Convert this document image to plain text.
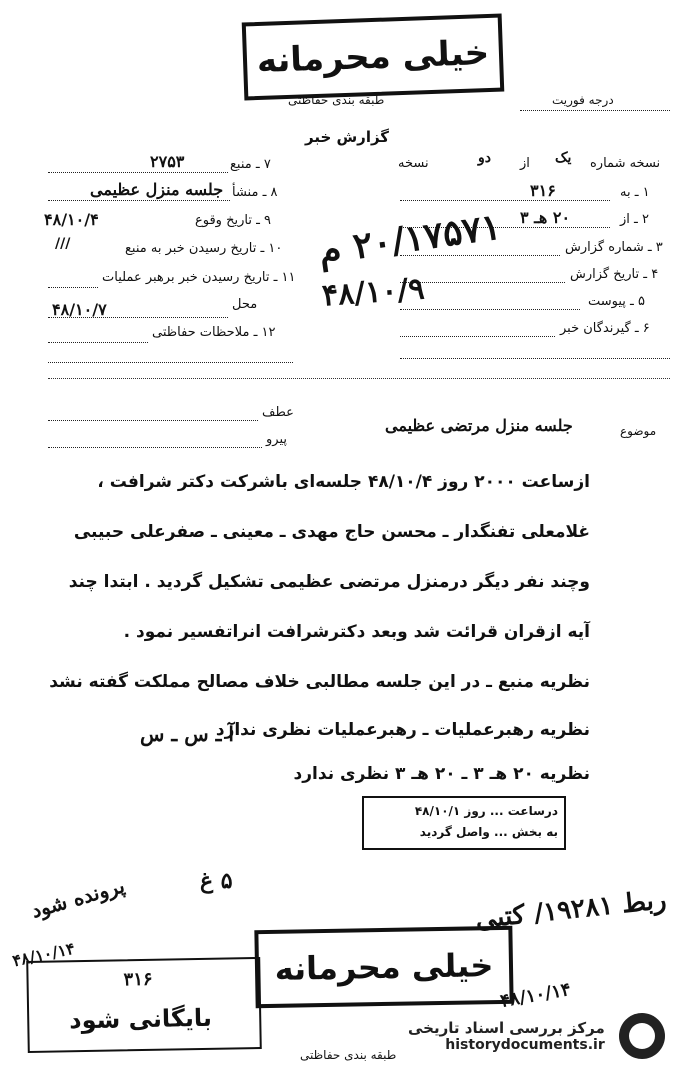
خیلی محرمانه
طبقه بندی حفاظتی	درجه فوریت
گزارش خبر
۷ ـ منبع
۲۷۵۳
۸ ـ منشأ
جلسه منزل عظیمی
۹ ـ تاریخ وقوع
۴۸/۱۰/۴
۱۰ ـ تاریخ رسیدن خبر به منبع
///
۱۱ ـ تاریخ رسیدن خبر برهبر عملیات
محل
۴۸/۱۰/۷
۱۲ ـ ملاحظات حفاظتی
نسخه شماره
یک
از
دو
نسخه
۱ ـ به
۳۱۶
۲ ـ از
۲۰ هـ ۳
۳ ـ شماره گزارش
۴ ـ تاریخ گزارش
۵ ـ پیوست
۶ ـ گیرندگان خبر
۲۰/۱۷۵۷۱ م
۴۸/۱۰/۹
عطف
پیرو
موضوع
جلسه منزل مرتضی عظیمی
ازساعت ۲۰۰۰ روز ۴۸/۱۰/۴ جلسه‌ای باشرکت دکتر شرافت ،
غلامعلی تفنگدار ـ محسن حاج مهدی ـ معینی ـ صفرعلی حبیبی
وچند نفر دیگر درمنزل مرتضی عظیمی تشکیل گردید . ابتدا چند
آیه ازقران قرائت شد وبعد دکترشرافت انراتفسیر نمود .
نظریه منبع ـ در این جلسه مطالبی خلاف مصالح مملکت گفته نشد
نظریه رهبرعملیات ـ رهبرعملیات نظری ندارد
نظریه ۲۰ هـ ۳ ـ ۲۰ هـ ۳ نظری ندارد
آ ـ س ـ س
درساعت ... روز ۴۸/۱۰/۱
به بخش ... واصل گردید
پرونده شود
۴۸/۱۰/۱۴
۵ غ
ربط ۱۹۲۸۱/ کتبی
خیلی محرمانه
۳۱۶
بایگانی شود
۴۸/۱۰/۱۴
طبقه بندی حفاظتی
مرکز بررسی اسناد تاریخی
historydocuments.ir
